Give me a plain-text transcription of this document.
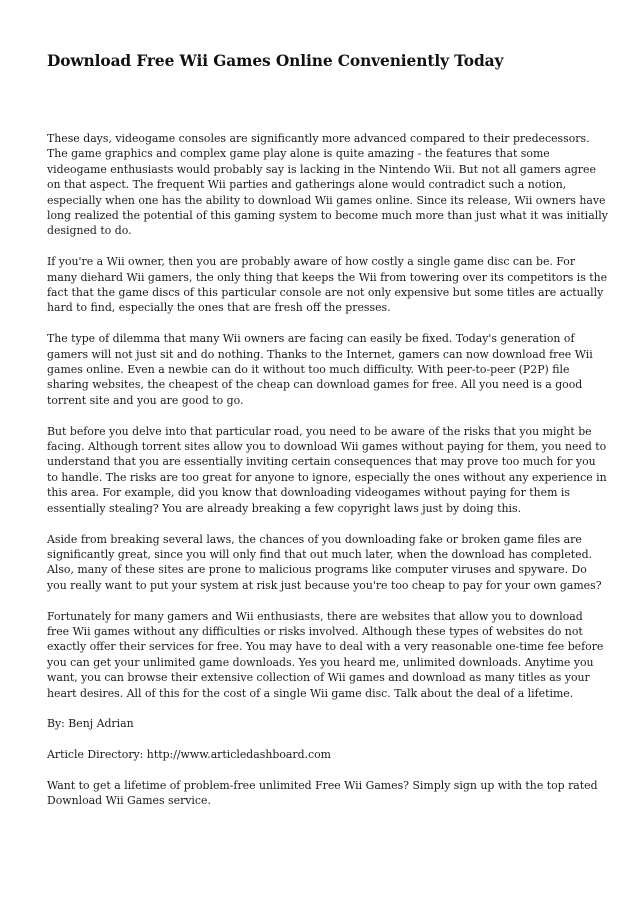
Download Free Wii Games Online Conveniently Today

These days, videogame consoles are significantly more advanced compared to their predecessors.
The game graphics and complex game play alone is quite amazing - the features that some
videogame enthusiasts would probably say is lacking in the Nintendo Wii. But not all gamers agree
on that aspect. The frequent Wii parties and gatherings alone would contradict such a notion,
especially when one has the ability to download Wii games online. Since its release, Wii owners have
long realized the potential of this gaming system to become much more than just what it was initially
designed to do.

If you're a Wii owner, then you are probably aware of how costly a single game disc can be. For
many diehard Wii gamers, the only thing that keeps the Wii from towering over its competitors is the
fact that the game discs of this particular console are not only expensive but some titles are actually
hard to find, especially the ones that are fresh off the presses.

The type of dilemma that many Wii owners are facing can easily be fixed. Today's generation of
gamers will not just sit and do nothing. Thanks to the Internet, gamers can now download free Wii
games online. Even a newbie can do it without too much difficulty. With peer-to-peer (P2P) file
sharing websites, the cheapest of the cheap can download games for free. All you need is a good
torrent site and you are good to go.

But before you delve into that particular road, you need to be aware of the risks that you might be
facing. Although torrent sites allow you to download Wii games without paying for them, you need to
understand that you are essentially inviting certain consequences that may prove too much for you
to handle. The risks are too great for anyone to ignore, especially the ones without any experience in
this area. For example, did you know that downloading videogames without paying for them is
essentially stealing? You are already breaking a few copyright laws just by doing this.

Aside from breaking several laws, the chances of you downloading fake or broken game files are
significantly great, since you will only find that out much later, when the download has completed.
Also, many of these sites are prone to malicious programs like computer viruses and spyware. Do
you really want to put your system at risk just because you're too cheap to pay for your own games?

Fortunately for many gamers and Wii enthusiasts, there are websites that allow you to download
free Wii games without any difficulties or risks involved. Although these types of websites do not
exactly offer their services for free. You may have to deal with a very reasonable one-time fee before
you can get your unlimited game downloads. Yes you heard me, unlimited downloads. Anytime you
want, you can browse their extensive collection of Wii games and download as many titles as your
heart desires. All of this for the cost of a single Wii game disc. Talk about the deal of a lifetime.

By: Benj Adrian

Article Directory: http://www.articledashboard.com

Want to get a lifetime of problem-free unlimited Free Wii Games? Simply sign up with the top rated
Download Wii Games service.
